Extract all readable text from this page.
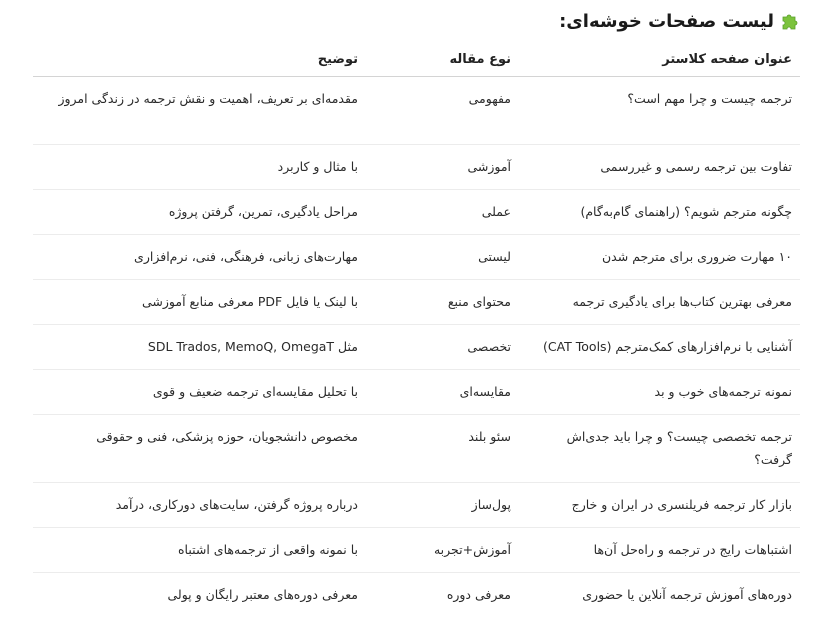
لیست صفحات خوشه‌ای:
عنوان صفحه کلاستر	نوع مقاله	توضیح
ترجمه چیست و چرا مهم است؟	مفهومی	مقدمه‌ای بر تعریف، اهمیت و نقش ترجمه در زندگی امروز
تفاوت بین ترجمه رسمی و غیررسمی	آموزشی	با مثال و کاربرد
چگونه مترجم شویم؟ (راهنمای گام‌به‌گام)	عملی	مراحل یادگیری، تمرین، گرفتن پروژه
۱۰ مهارت ضروری برای مترجم شدن	لیستی	مهارت‌های زبانی، فرهنگی، فنی، نرم‌افزاری
معرفی بهترین کتاب‌ها برای یادگیری ترجمه	محتوای منبع	با لینک یا فایل PDF معرفی منابع آموزشی
آشنایی با نرم‌افزارهای کمک‌مترجم (CAT Tools)	تخصصی	مثل SDL Trados, MemoQ, OmegaT
نمونه ترجمه‌های خوب و بد	مقایسه‌ای	با تحلیل مقایسه‌ای ترجمه ضعیف و قوی
ترجمه تخصصی چیست؟ و چرا باید جدی‌اش گرفت؟	سئو بلند	مخصوص دانشجویان، حوزه پزشکی، فنی و حقوقی
بازار کار ترجمه فریلنسری در ایران و خارج	پول‌ساز	درباره پروژه گرفتن، سایت‌های دورکاری، درآمد
اشتباهات رایج در ترجمه و راه‌حل آن‌ها	آموزش+تجربه	با نمونه واقعی از ترجمه‌های اشتباه
دوره‌های آموزش ترجمه آنلاین یا حضوری	معرفی دوره	معرفی دوره‌های معتبر رایگان و پولی
